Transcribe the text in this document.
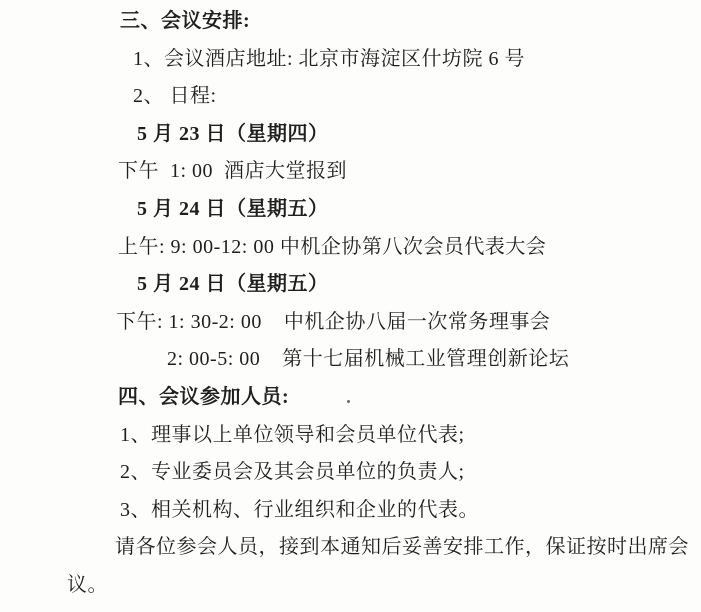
三、会议安排:
1、会议酒店地址: 北京市海淀区什坊院 6 号
2、 日程:
5 月 23 日（星期四）
下午  1: 00  酒店大堂报到
5 月 24 日（星期五）
上午: 9: 00-12: 00 中机企协第八次会员代表大会
5 月 24 日（星期五）
下午: 1: 30-2: 00    中机企协八届一次常务理事会
2: 00-5: 00    第十七届机械工业管理创新论坛
四、会议参加人员:
1、理事以上单位领导和会员单位代表;
2、专业委员会及其会员单位的负责人;
3、相关机构、行业组织和企业的代表。
请各位参会人员，接到本通知后妥善安排工作，保证按时出席会
议。
